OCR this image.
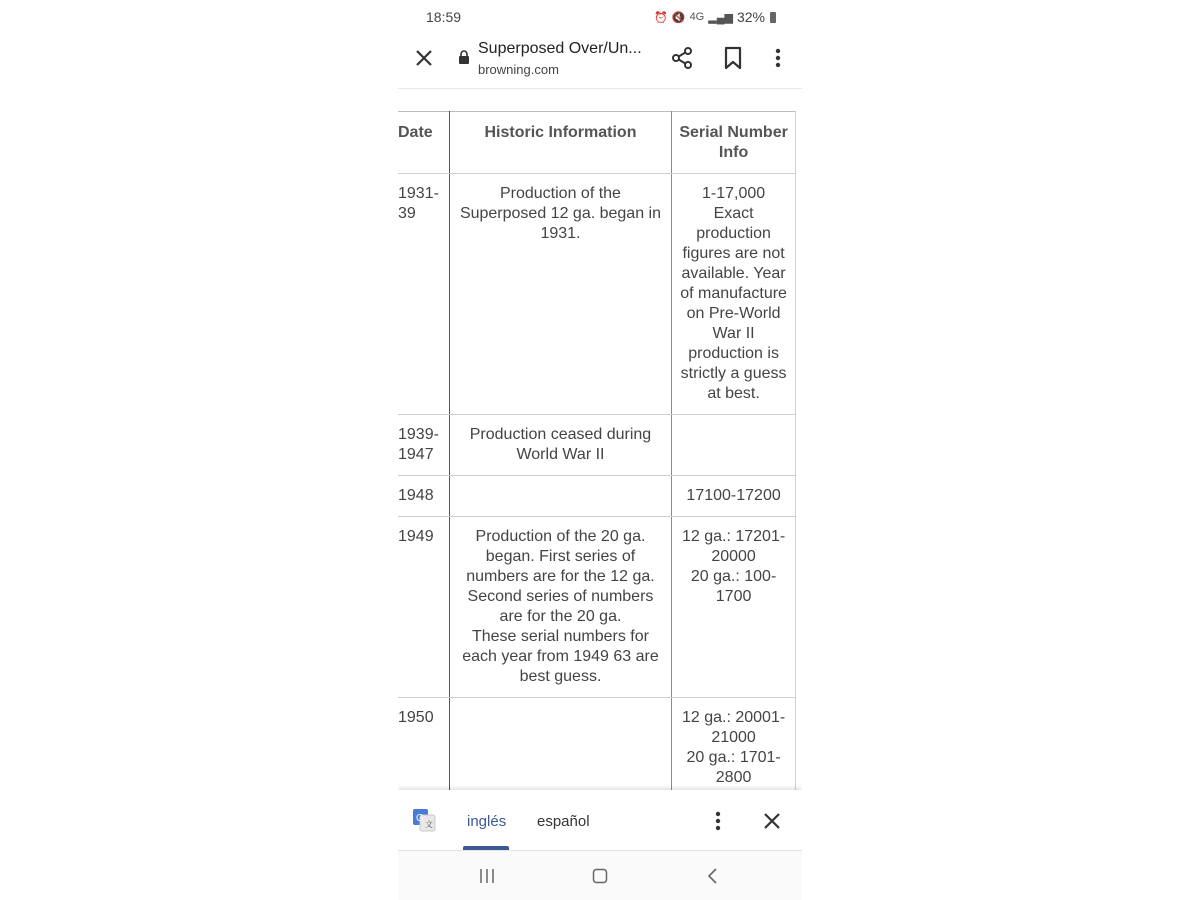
18:59	⏰ 🔇 4G ▂▄▆ 32%
Superposed Over/Un...
browning.com
Date	Historic Information	Serial Number Info
1931-39	Production of the Superposed 12 ga. began in 1931.	1-17,000
Exact production figures are not available. Year of manufacture on Pre-World War II production is strictly a guess at best.
1939-1947	Production ceased during World War II	
1948		17100-17200
1949	Production of the 20 ga. began. First series of numbers are for the 12 ga. Second series of numbers are for the 20 ga.
These serial numbers for each year from 1949 63 are best guess.	12 ga.: 17201-20000
20 ga.: 100-1700
1950		12 ga.: 20001-21000
20 ga.: 1701-2800
G
文 inglés español
